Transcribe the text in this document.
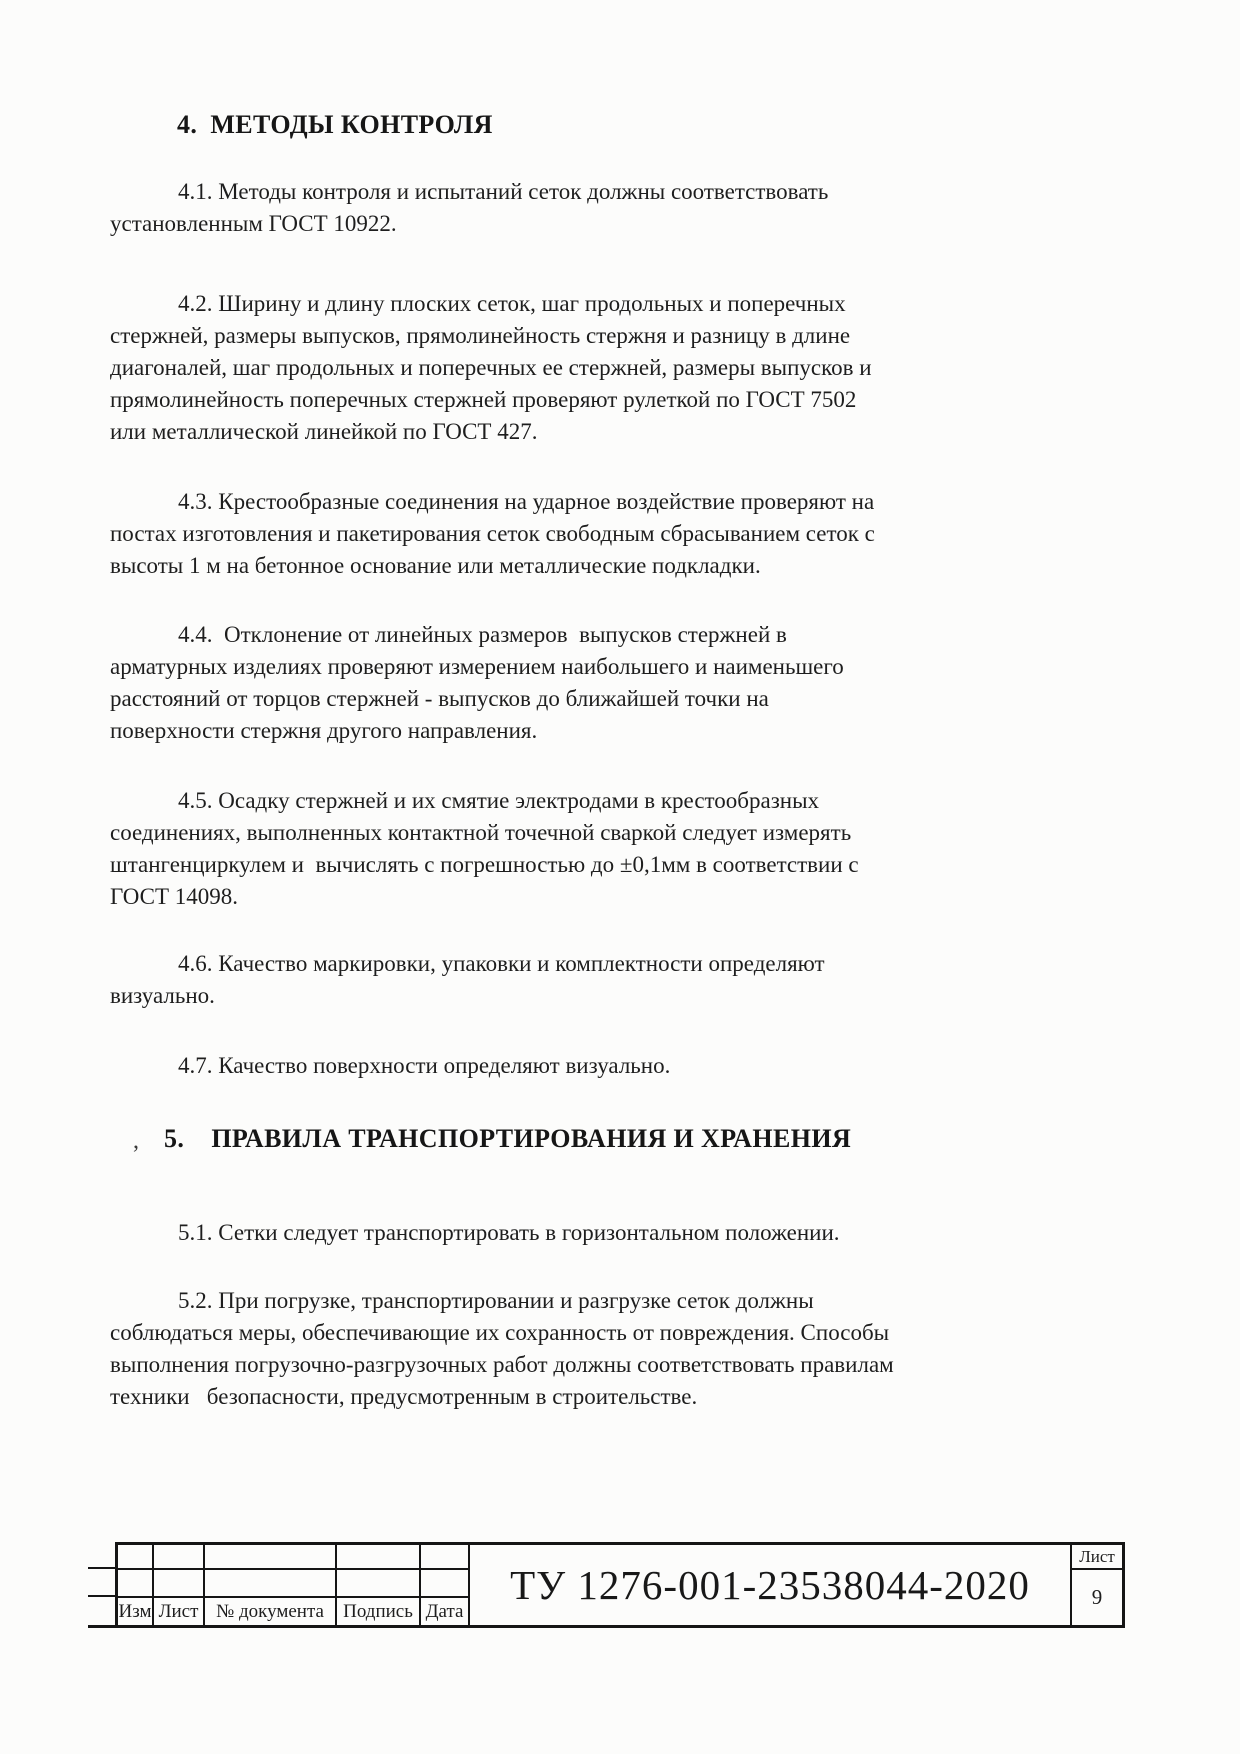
4. МЕТОДЫ КОНТРОЛЯ
4.1. Методы контроля и испытаний сеток должны соответствовать
установленным ГОСТ 10922.
4.2. Ширину и длину плоских сеток, шаг продольных и поперечных
стержней, размеры выпусков, прямолинейность стержня и разницу в длине
диагоналей, шаг продольных и поперечных ее стержней, размеры выпусков и
прямолинейность поперечных стержней проверяют рулеткой по ГОСТ 7502
или металлической линейкой по ГОСТ 427.
4.3. Крестообразные соединения на ударное воздействие проверяют на
постах изготовления и пакетирования сеток свободным сбрасыванием сеток с
высоты 1 м на бетонное основание или металлические подкладки.
4.4.  Отклонение от линейных размеров  выпусков стержней в
арматурных изделиях проверяют измерением наибольшего и наименьшего
расстояний от торцов стержней - выпусков до ближайшей точки на
поверхности стержня другого направления.
4.5. Осадку стержней и их смятие электродами в крестообразных
соединениях, выполненных контактной точечной сваркой следует измерять
штангенциркулем и  вычислять с погрешностью до ±0,1мм в соответствии с
ГОСТ 14098.
4.6. Качество маркировки, упаковки и комплектности определяют
визуально.
4.7. Качество поверхности определяют визуально.
, 5. ПРАВИЛА ТРАНСПОРТИРОВАНИЯ И ХРАНЕНИЯ
5.1. Сетки следует транспортировать в горизонтальном положении.
5.2. При погрузке, транспортировании и разгрузке сеток должны
соблюдаться меры, обеспечивающие их сохранность от повреждения. Способы
выполнения погрузочно-разгрузочных работ должны соответствовать правилам
техники   безопасности, предусмотренным в строительстве.
Изм Лист № документа	Подпись Дата
ТУ 1276-001-23538044-2020
Лист
9
